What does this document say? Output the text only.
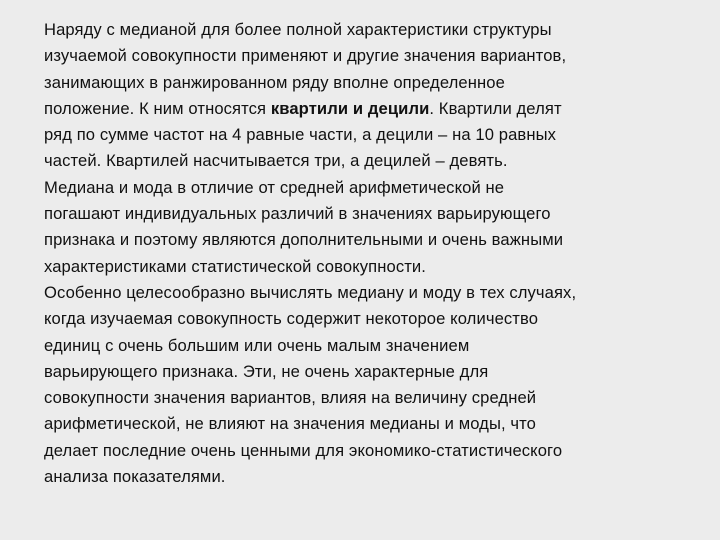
Наряду с медианой для более полной характеристики структуры
изучаемой совокупности применяют и другие значения вариантов,
занимающих в ранжированном ряду вполне определенное
положение. К ним относятся квартили и децили. Квартили делят
ряд по сумме частот на 4 равные части, а децили – на 10 равных
частей. Квартилей насчитывается три, а децилей – девять.

Медиана и мода в отличие от средней арифметической не
погашают индивидуальных различий в значениях варьирующего
признака и поэтому являются дополнительными и очень важными
характеристиками статистической совокупности.

Особенно целесообразно вычислять медиану и моду в тех случаях,
когда изучаемая совокупность содержит некоторое количество
единиц с очень большим или очень малым значением
варьирующего признака. Эти, не очень характерные для
совокупности значения вариантов, влияя на величину средней
арифметической, не влияют на значения медианы и моды, что
делает последние очень ценными для экономико-статистического
анализа показателями.
